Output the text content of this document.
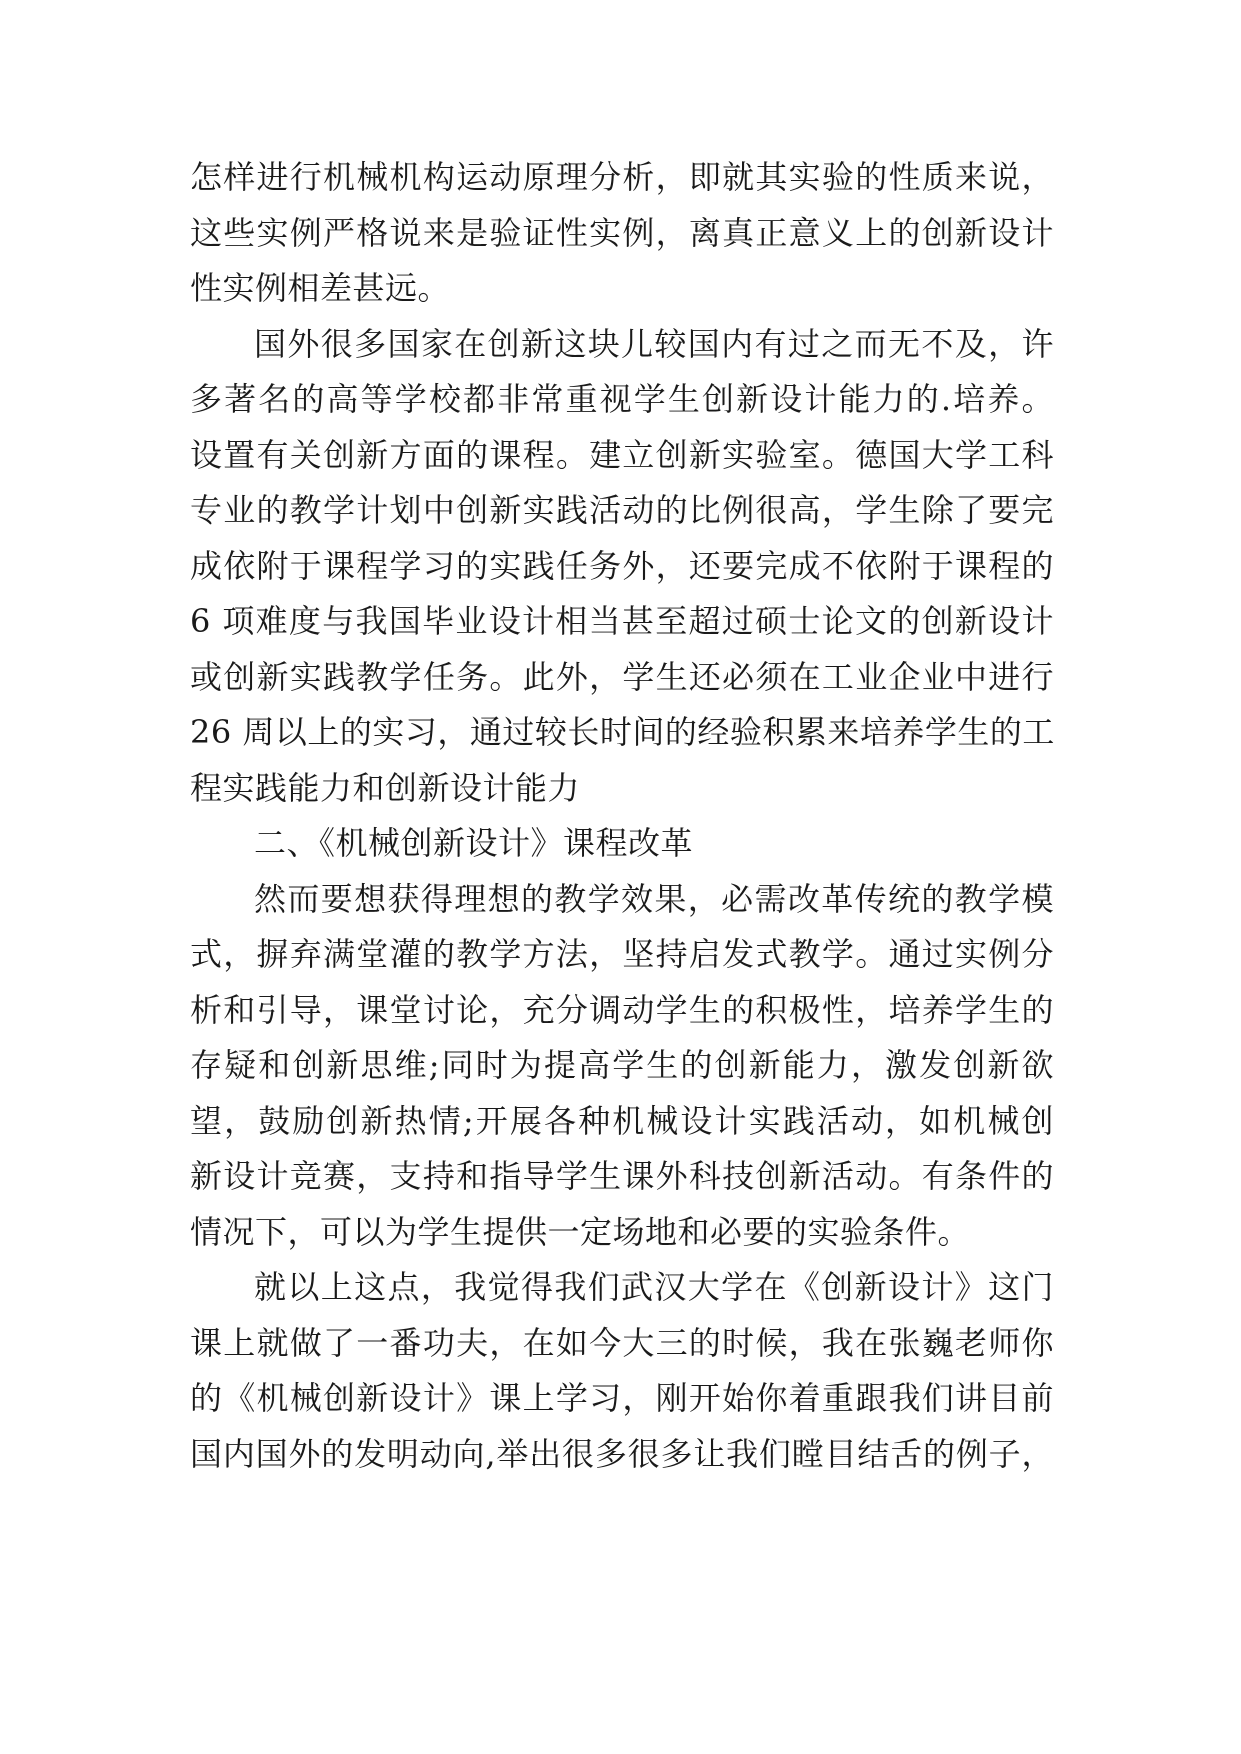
怎样进行机械机构运动原理分析，即就其实验的性质来说，
这些实例严格说来是验证性实例，离真正意义上的创新设计
性实例相差甚远。
国外很多国家在创新这块儿较国内有过之而无不及，许
多著名的高等学校都非常重视学生创新设计能力的.培养。
设置有关创新方面的课程。建立创新实验室。德国大学工科
专业的教学计划中创新实践活动的比例很高，学生除了要完
成依附于课程学习的实践任务外，还要完成不依附于课程的
6 项难度与我国毕业设计相当甚至超过硕士论文的创新设计
或创新实践教学任务。此外，学生还必须在工业企业中进行
26 周以上的实习，通过较长时间的经验积累来培养学生的工
程实践能力和创新设计能力
二、《机械创新设计》课程改革
然而要想获得理想的教学效果，必需改革传统的教学模
式，摒弃满堂灌的教学方法，坚持启发式教学。通过实例分
析和引导，课堂讨论，充分调动学生的积极性，培养学生的
存疑和创新思维;同时为提高学生的创新能力，激发创新欲
望，鼓励创新热情;开展各种机械设计实践活动，如机械创
新设计竞赛，支持和指导学生课外科技创新活动。有条件的
情况下，可以为学生提供一定场地和必要的实验条件。
就以上这点，我觉得我们武汉大学在《创新设计》这门
课上就做了一番功夫，在如今大三的时候，我在张巍老师你
的《机械创新设计》课上学习，刚开始你着重跟我们讲目前
国内国外的发明动向,举出很多很多让我们瞠目结舌的例子，
